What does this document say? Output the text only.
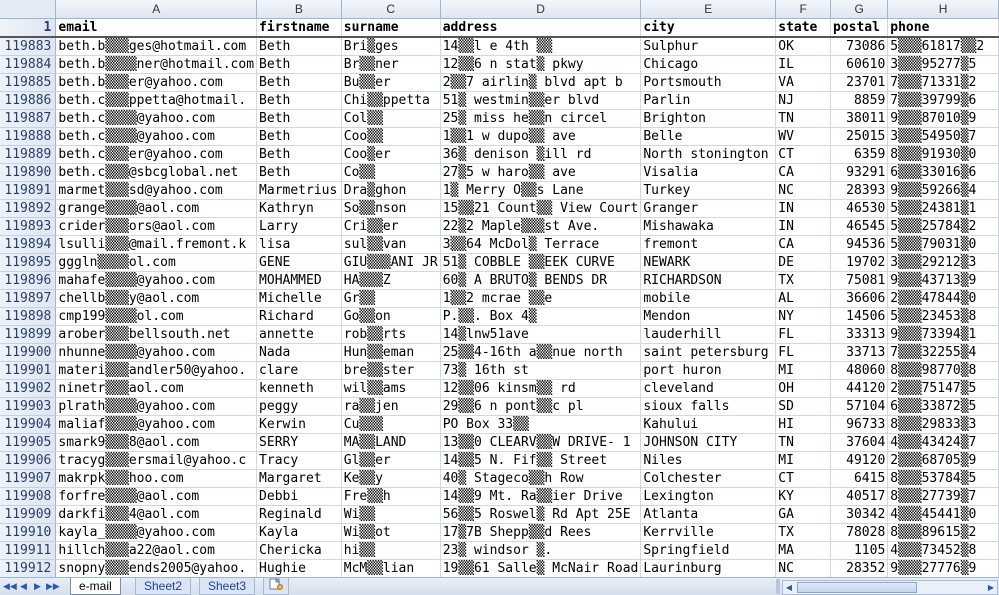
	A	B	C	D	E	F	G	H
1	email	firstname	surname	address	city	state	postal	phone
119883	beth.b▒▒▒ges@hotmail.com	Beth	Bri▒ges	14▒▒l e 4th ▒▒	Sulphur	OK	73086	5▒▒▒61817▒▒2
119884	beth.b▒▒▒▒ner@hotmail.com	Beth	Br▒▒ner	12▒▒6 n stat▒ pkwy	Chicago	IL	60610	3▒▒▒95277▒5
119885	beth.b▒▒▒er@yahoo.com	Beth	Bu▒▒er	2▒▒7 airlin▒ blvd apt b	Portsmouth	VA	23701	7▒▒▒71331▒2
119886	beth.c▒▒▒ppetta@hotmail.	Beth	Chi▒▒ppetta	51▒ westmin▒▒er blvd	Parlin	NJ	8859	7▒▒▒39799▒6
119887	beth.c▒▒▒▒@yahoo.com	Beth	Col▒▒	25▒ miss he▒▒n circel	Brighton	TN	38011	9▒▒▒87010▒9
119888	beth.c▒▒▒▒@yahoo.com	Beth	Coo▒▒	1▒▒1 w dupo▒▒ ave	Belle	WV	25015	3▒▒▒54950▒7
119889	beth.c▒▒▒er@yahoo.com	Beth	Coo▒er	36▒ denison ▒ill rd	North stonington	CT	6359	8▒▒▒91930▒0
119890	beth.c▒▒▒@sbcglobal.net	Beth	Co▒▒	27▒5 w haro▒▒ ave	Visalia	CA	93291	6▒▒▒33016▒6
119891	marmet▒▒▒sd@yahoo.com	Marmetrius	Dra▒ghon	1▒ Merry O▒▒s Lane	Turkey	NC	28393	9▒▒▒59266▒4
119892	grange▒▒▒▒@aol.com	Kathryn	So▒▒nson	15▒▒21 Count▒▒ View Court	Granger	IN	46530	5▒▒▒24381▒1
119893	crider▒▒▒ors@aol.com	Larry	Cri▒▒er	22▒2 Maple▒▒▒st Ave.	Mishawaka	IN	46545	5▒▒▒25784▒2
119894	lsulli▒▒▒@mail.fremont.k	lisa	sul▒▒van	3▒▒64 McDol▒ Terrace	fremont	CA	94536	5▒▒▒79031▒0
119895	gggln▒▒▒▒ol.com	GENE	GIU▒▒▒ANI JR	51▒ COBBLE ▒▒EEK CURVE	NEWARK	DE	19702	3▒▒▒29212▒3
119896	mahafe▒▒▒▒@yahoo.com	MOHAMMED	HA▒▒▒Z	60▒ A BRUTO▒ BENDS DR	RICHARDSON	TX	75081	9▒▒▒43713▒9
119897	chellb▒▒▒y@aol.com	Michelle	Gr▒▒	1▒▒2 mcrae ▒▒e	mobile	AL	36606	2▒▒▒47844▒0
119898	cmp199▒▒▒▒ol.com	Richard	Go▒▒on	P.▒▒. Box 4▒	Mendon	NY	14506	5▒▒▒23453▒8
119899	arober▒▒▒bellsouth.net	annette	rob▒▒rts	14▒lnw51ave	lauderhill	FL	33313	9▒▒▒73394▒1
119900	nhunne▒▒▒▒@yahoo.com	Nada	Hun▒▒eman	25▒▒4-16th a▒▒nue north	saint petersburg	FL	33713	7▒▒▒32255▒4
119901	materi▒▒▒andler50@yahoo.	clare	bre▒▒ster	73▒ 16th st	port huron	MI	48060	8▒▒▒98770▒8
119902	ninetr▒▒▒aol.com	kenneth	wil▒▒ams	12▒▒06 kinsm▒▒ rd	cleveland	OH	44120	2▒▒▒75147▒5
119903	plrath▒▒▒▒@yahoo.com	peggy	ra▒▒jen	29▒▒6 n pont▒▒c pl	sioux falls	SD	57104	6▒▒▒33872▒5
119904	maliaf▒▒▒▒@yahoo.com	Kerwin	Cu▒▒▒	PO Box 33▒▒	Kahului	HI	96733	8▒▒▒29833▒3
119905	smark9▒▒▒8@aol.com	SERRY	MA▒▒LAND	13▒▒0 CLEARV▒▒W DRIVE- 1	JOHNSON CITY	TN	37604	4▒▒▒43424▒7
119906	tracyg▒▒▒ersmail@yahoo.c	Tracy	Gl▒▒er	14▒▒5 N. Fif▒▒ Street	Niles	MI	49120	2▒▒▒68705▒9
119907	makrpk▒▒▒hoo.com	Margaret	Ke▒▒y	40▒ Stageco▒▒h Row	Colchester	CT	6415	8▒▒▒53784▒5
119908	forfre▒▒▒▒@aol.com	Debbi	Fre▒▒h	14▒▒9 Mt. Ra▒▒ier Drive	Lexington	KY	40517	8▒▒▒27739▒7
119909	darkfi▒▒▒4@aol.com	Reginald	Wi▒▒	56▒▒5 Roswel▒ Rd Apt 25E	Atlanta	GA	30342	4▒▒▒45441▒0
119910	kayla_▒▒▒▒@yahoo.com	Kayla	Wi▒▒ot	17▒7B Shepp▒▒d Rees	Kerrville	TX	78028	8▒▒▒89615▒2
119911	hillch▒▒▒a22@aol.com	Chericka	hi▒▒	23▒ windsor ▒.	Springfield	MA	1105	4▒▒▒73452▒8
119912	snopny▒▒▒ends2005@yahoo.	Hughie	McM▒▒lian	19▒▒61 Salle▒ McNair Road	Laurinburg	NC	28352	9▒▒▒27776▒9
◀◀ ◀ ▶ ▶▶	e-mail	Sheet2	Sheet3	◀	▶
